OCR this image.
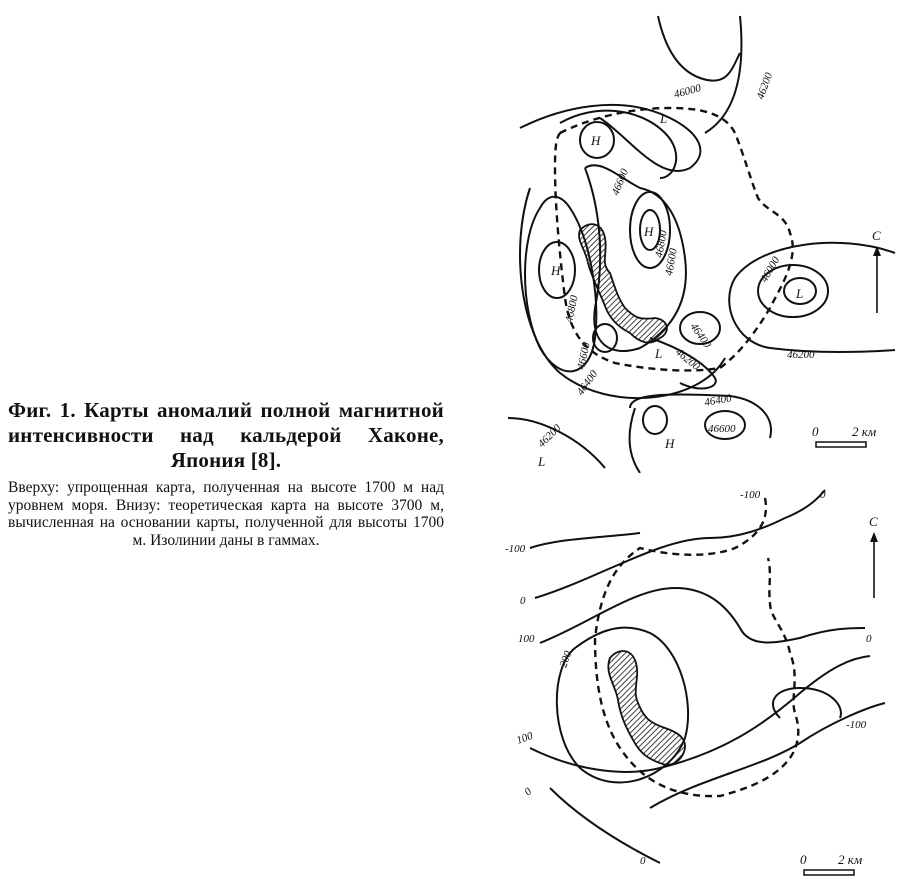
Фиг. 1. Карты аномалий полной магнитной интенсивности над кальдерой Хаконе, Япония [8].

Вверху: упрощенная карта, полученная на высоте 1700 м над уровнем моря. Внизу: теоретическая карта на высоте 3700 м, вычисленная на основании карты, полученной для высоты 1700 м. Изолинии даны в гаммах.

С
0	2 км
46000	46200
46600
46800
46600
46800
46600
46400
46000
46400
46200	46200
46400
46600
46200
H
H
H
H
L
L
L
L
С
0 2 км
-100	0
-100
0
100
200
0
100
-100
0
0
